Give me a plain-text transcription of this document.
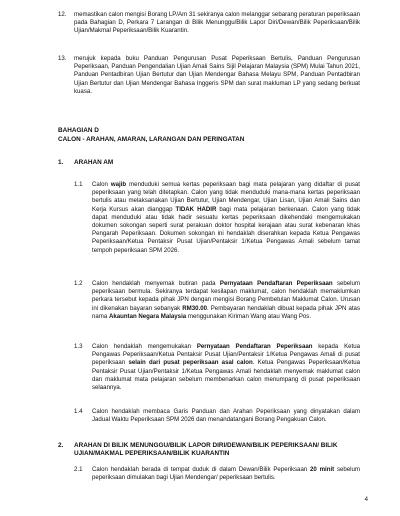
12. memastikan calon mengisi Borang LP/Am 31 sekiranya calon melanggar sebarang peraturan peperiksaan pada Bahagian D, Perkara 7 Larangan di Bilik Menunggu/Bilik Lapor Diri/Dewan/Bilik Peperiksaan/Bilik Ujian/Makmal Peperiksaan/Bilik Kuarantin.
13. merujuk kepada buku Panduan Pengurusan Pusat Peperiksaan Bertulis, Panduan Pengurusan Peperiksaan, Panduan Pengendalian Ujian Amali Sains Sijil Pelajaran Malaysia (SPM) Mulai Tahun 2021, Panduan Pentadbiran Ujian Bertutur dan Ujian Mendengar Bahasa Melayu SPM, Panduan Pentadbiran Ujian Bertutur dan Ujian Mendengar Bahasa Inggeris SPM dan surat makluman LP yang sedang berkuat kuasa.
BAHAGIAN D
CALON - ARAHAN, AMARAN, LARANGAN DAN PERINGATAN
1. ARAHAN AM
1.1 Calon wajib menduduki semua kertas peperiksaan bagi mata pelajaran yang didaftar di pusat peperiksaan yang telah ditetapkan. Calon yang tidak menduduki mana-mana kertas peperiksaan bertulis atau melaksanakan Ujian Bertutur, Ujian Mendengar, Ujian Lisan, Ujian Amali Sains dan Kerja Kursus akan dianggap TIDAK HADIR bagi mata pelajaran berkenaan. Calon yang tidak dapat menduduki atau tidak hadir sesuatu kertas peperiksaan dikehendaki mengemukakan dokumen sokongan seperti surat perakuan doktor hospital kerajaan atau surat kebenaran khas Pengarah Peperiksaan. Dokumen sokongan ini hendaklah diserahkan kepada Ketua Pengawas Peperiksaan/Ketua Pentaksir Pusat Ujian/Pentaksir 1/Ketua Pengawas Amali sebelum tamat tempoh peperiksaan SPM 2026.
1.2 Calon hendaklah menyemak butiran pada Pernyataan Pendaftaran Peperiksaan sebelum peperiksaan bermula. Sekiranya terdapat kesilapan maklumat, calon hendaklah memaklumkan perkara tersebut kepada pihak JPN dengan mengisi Borang Pembetulan Maklumat Calon. Urusan ini dikenakan bayaran sebanyak RM30.00. Pembayaran hendaklah dibuat kepada pihak JPN atas nama Akauntan Negara Malaysia menggunakan Kiriman Wang atau Wang Pos.
1.3 Calon hendaklah mengemukakan Pernyataan Pendaftaran Peperiksaan kepada Ketua Pengawas Peperiksaan/Ketua Pentaksir Pusat Ujian/Pentaksir 1/Ketua Pengawas Amali di pusat peperiksaan selain dari pusat peperiksaan asal calon. Ketua Pengawas Peperiksaan/Ketua Pentaksir Pusat Ujian/Pentaksir 1/Ketua Pengawas Amali hendaklah menyemak maklumat calon dan maklumat mata pelajaran sebelum membenarkan calon menumpang di pusat peperiksaan selaannya.
1.4 Calon hendaklah membaca Garis Panduan dan Arahan Peperiksaan yang dinyatakan dalam Jadual Waktu Peperiksaan SPM 2026 dan menandatangani Borang Pengakuan Calon.
2. ARAHAN DI BILIK MENUNGGU/BILIK LAPOR DIRI/DEWAN/BILIK PEPERIKSAAN/ BILIK UJIAN/MAKMAL PEPERIKSAAN/BILIK KUARANTIN
2.1 Calon hendaklah berada di tempat duduk di dalam Dewan/Bilik Peperiksaan 20 minit sebelum peperiksaan dimulakan bagi Ujian Mendengar/ peperiksaan bertulis.
4
